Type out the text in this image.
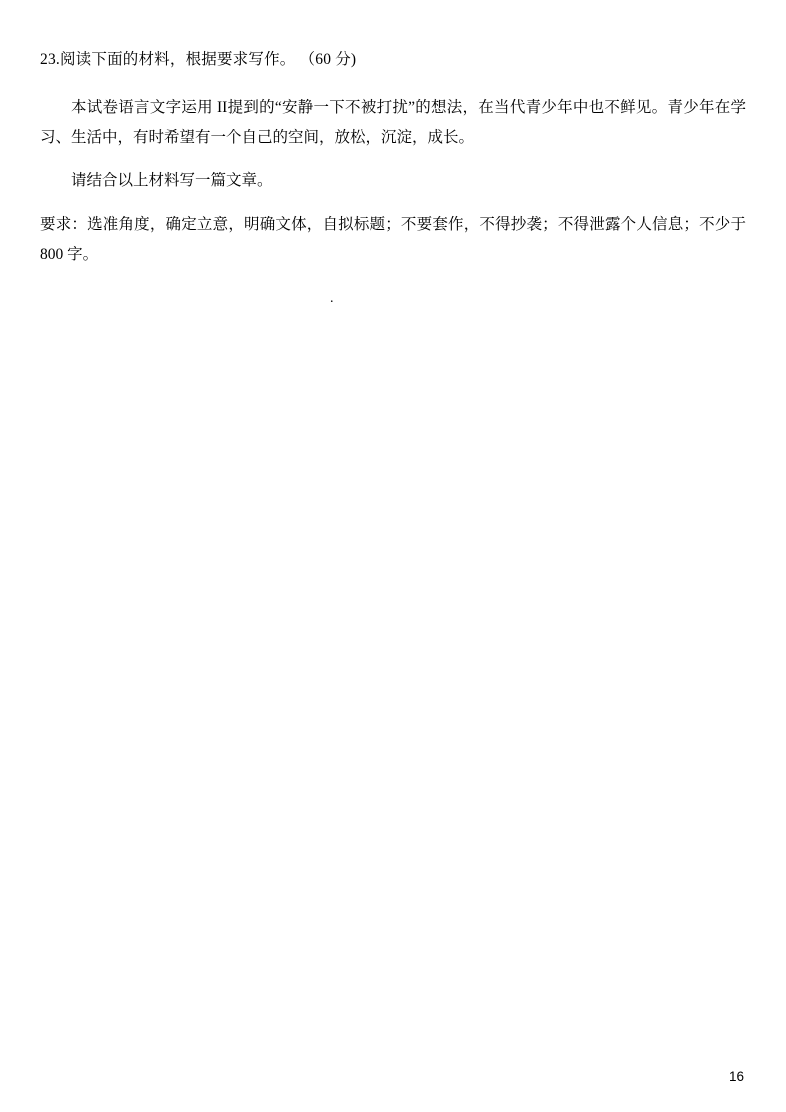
23.阅读下面的材料，根据要求写作。 （60 分)
本试卷语言文字运用 II提到的“安静一下不被打扰”的想法，在当代青少年中也不鲜见。青少年在学习、生活中，有时希望有一个自己的空间，放松，沉淀，成长。
请结合以上材料写一篇文章。
要求：选准角度，确定立意，明确文体，自拟标题；不要套作，不得抄袭；不得泄露个人信息；不少于 800 字。
.
16
